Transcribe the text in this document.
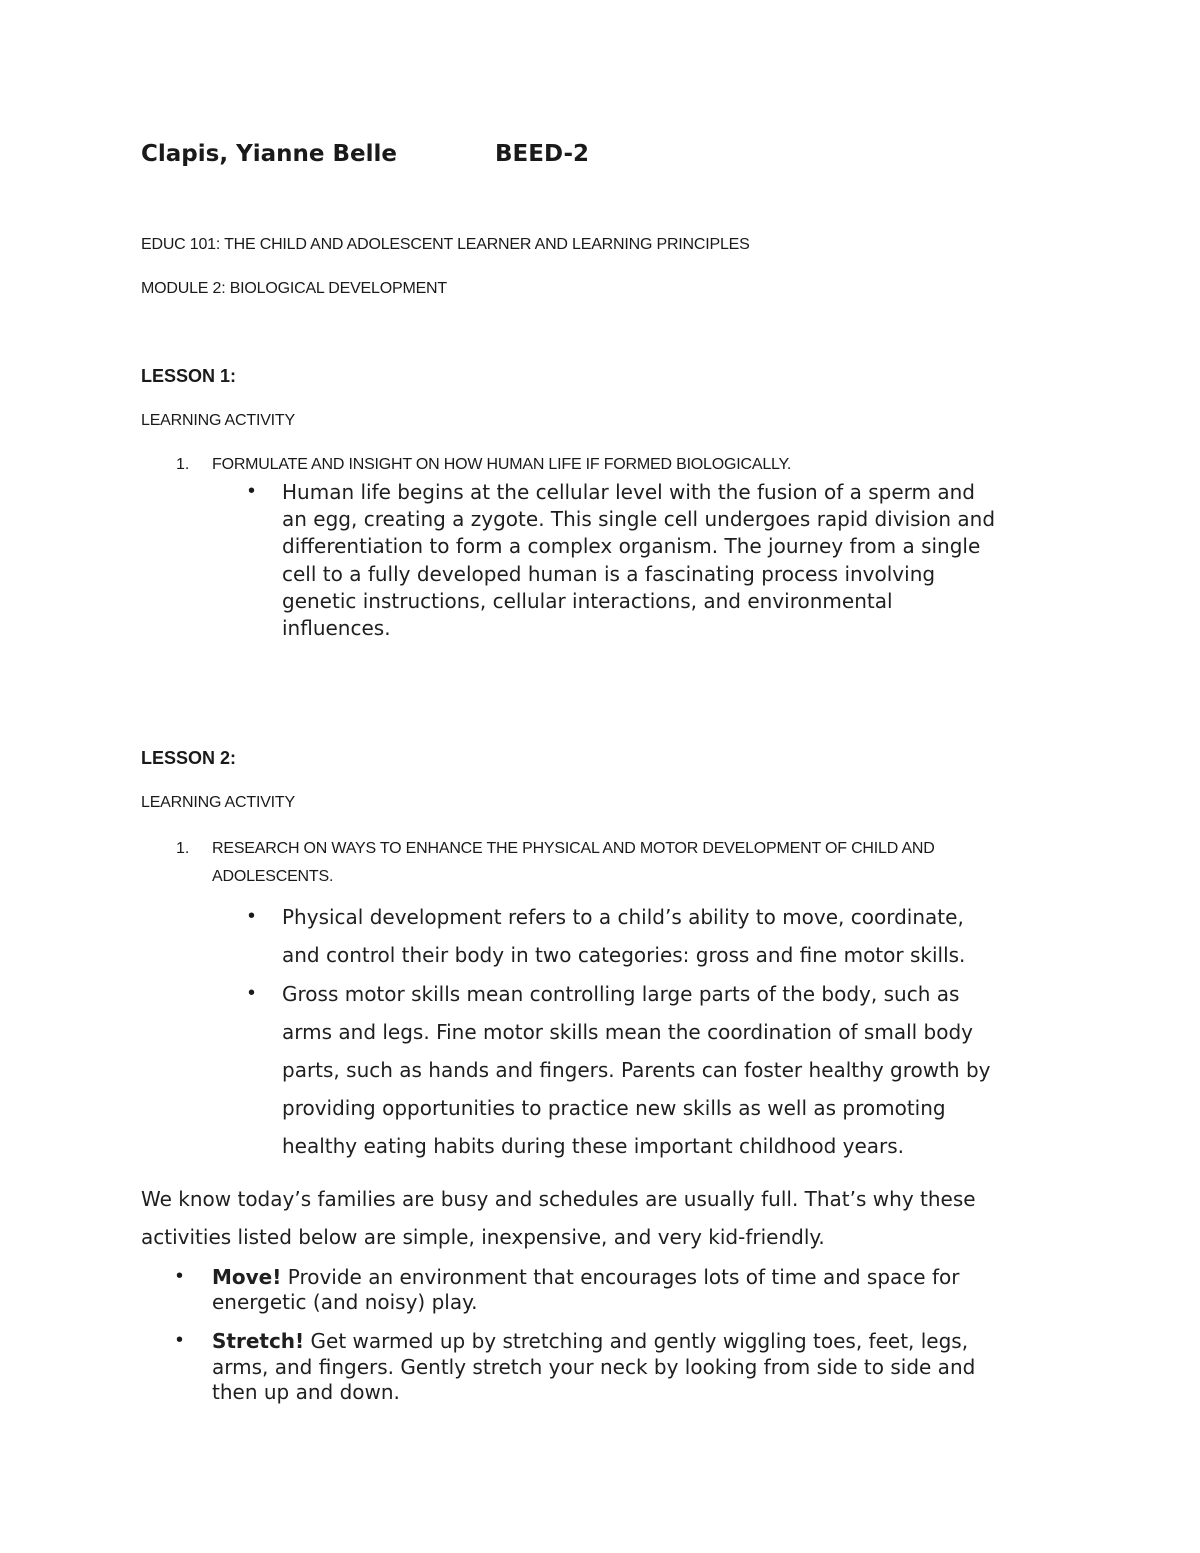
Clapis, Yianne Belle	BEED-2
EDUC 101: THE CHILD AND ADOLESCENT LEARNER AND LEARNING PRINCIPLES
MODULE 2: BIOLOGICAL DEVELOPMENT
LESSON 1:
LEARNING ACTIVITY
1. FORMULATE AND INSIGHT ON HOW HUMAN LIFE IF FORMED BIOLOGICALLY.
• Human life begins at the cellular level with the fusion of a sperm and
an egg, creating a zygote. This single cell undergoes rapid division and
differentiation to form a complex organism. The journey from a single
cell to a fully developed human is a fascinating process involving
genetic instructions, cellular interactions, and environmental
influences.
LESSON 2:
LEARNING ACTIVITY
1. RESEARCH ON WAYS TO ENHANCE THE PHYSICAL AND MOTOR DEVELOPMENT OF CHILD AND
ADOLESCENTS.
• Physical development refers to a child’s ability to move, coordinate,
and control their body in two categories: gross and fine motor skills.
• Gross motor skills mean controlling large parts of the body, such as
arms and legs. Fine motor skills mean the coordination of small body
parts, such as hands and fingers. Parents can foster healthy growth by
providing opportunities to practice new skills as well as promoting
healthy eating habits during these important childhood years.
We know today’s families are busy and schedules are usually full. That’s why these
activities listed below are simple, inexpensive, and very kid-friendly.
• Move! Provide an environment that encourages lots of time and space for
energetic (and noisy) play.
• Stretch! Get warmed up by stretching and gently wiggling toes, feet, legs,
arms, and fingers. Gently stretch your neck by looking from side to side and
then up and down.
